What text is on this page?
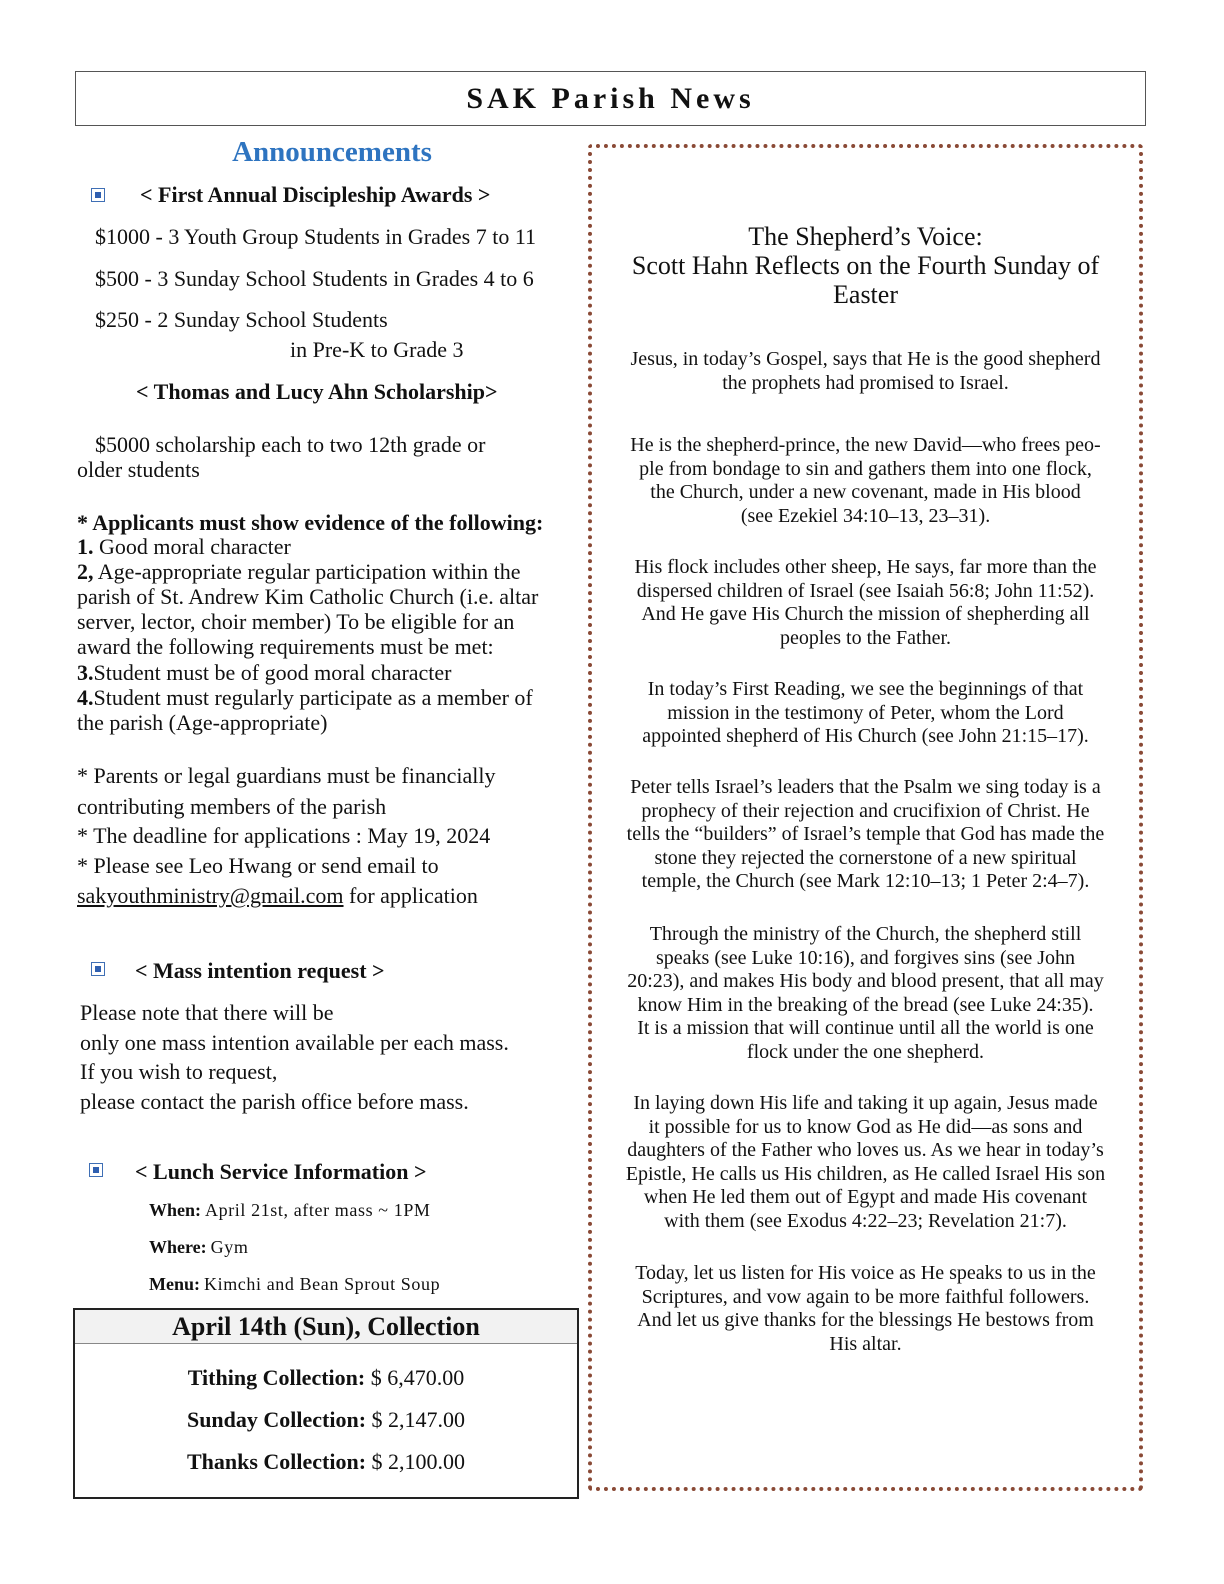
SAK Parish News
Announcements
< First Annual Discipleship Awards >
$1000 - 3 Youth Group Students in Grades 7 to 11
$500 - 3 Sunday School Students in Grades 4 to 6
$250 - 2 Sunday School Students
in Pre-K to Grade 3
< Thomas and Lucy Ahn Scholarship>
$5000 scholarship each to two 12th grade or
older students
* Applicants must show evidence of the following:
1. Good moral character
2, Age-appropriate regular participation within the
parish of St. Andrew Kim Catholic Church (i.e. altar
server, lector, choir member) To be eligible for an
award the following requirements must be met:
3.Student must be of good moral character
4.Student must regularly participate as a member of
the parish (Age-appropriate)
* Parents or legal guardians must be financially
contributing members of the parish
* The deadline for applications : May 19, 2024
* Please see Leo Hwang or send email to
sakyouthministry@gmail.com for application
< Mass intention request >
Please note that there will be
only one mass intention available per each mass.
If you wish to request,
please contact the parish office before mass.
< Lunch Service Information >
When: April 21st, after mass ~ 1PM
Where: Gym
Menu: Kimchi and Bean Sprout Soup
April 14th (Sun), Collection
Tithing Collection: $ 6,470.00
Sunday Collection: $ 2,147.00
Thanks Collection: $ 2,100.00
The Shepherd’s Voice:
Scott Hahn Reflects on the Fourth Sunday of
Easter
Jesus, in today’s Gospel, says that He is the good shepherd
the prophets had promised to Israel.
He is the shepherd-prince, the new David—who frees peo-
ple from bondage to sin and gathers them into one flock,
the Church, under a new covenant, made in His blood
(see Ezekiel 34:10–13, 23–31).
His flock includes other sheep, He says, far more than the
dispersed children of Israel (see Isaiah 56:8; John 11:52).
And He gave His Church the mission of shepherding all
peoples to the Father.
In today’s First Reading, we see the beginnings of that
mission in the testimony of Peter, whom the Lord
appointed shepherd of His Church (see John 21:15–17).
Peter tells Israel’s leaders that the Psalm we sing today is a
prophecy of their rejection and crucifixion of Christ. He
tells the “builders” of Israel’s temple that God has made the
stone they rejected the cornerstone of a new spiritual
temple, the Church (see Mark 12:10–13; 1 Peter 2:4–7).
Through the ministry of the Church, the shepherd still
speaks (see Luke 10:16), and forgives sins (see John
20:23), and makes His body and blood present, that all may
know Him in the breaking of the bread (see Luke 24:35).
It is a mission that will continue until all the world is one
flock under the one shepherd.
In laying down His life and taking it up again, Jesus made
it possible for us to know God as He did—as sons and
daughters of the Father who loves us. As we hear in today’s
Epistle, He calls us His children, as He called Israel His son
when He led them out of Egypt and made His covenant
with them (see Exodus 4:22–23; Revelation 21:7).
Today, let us listen for His voice as He speaks to us in the
Scriptures, and vow again to be more faithful followers.
And let us give thanks for the blessings He bestows from
His altar.
